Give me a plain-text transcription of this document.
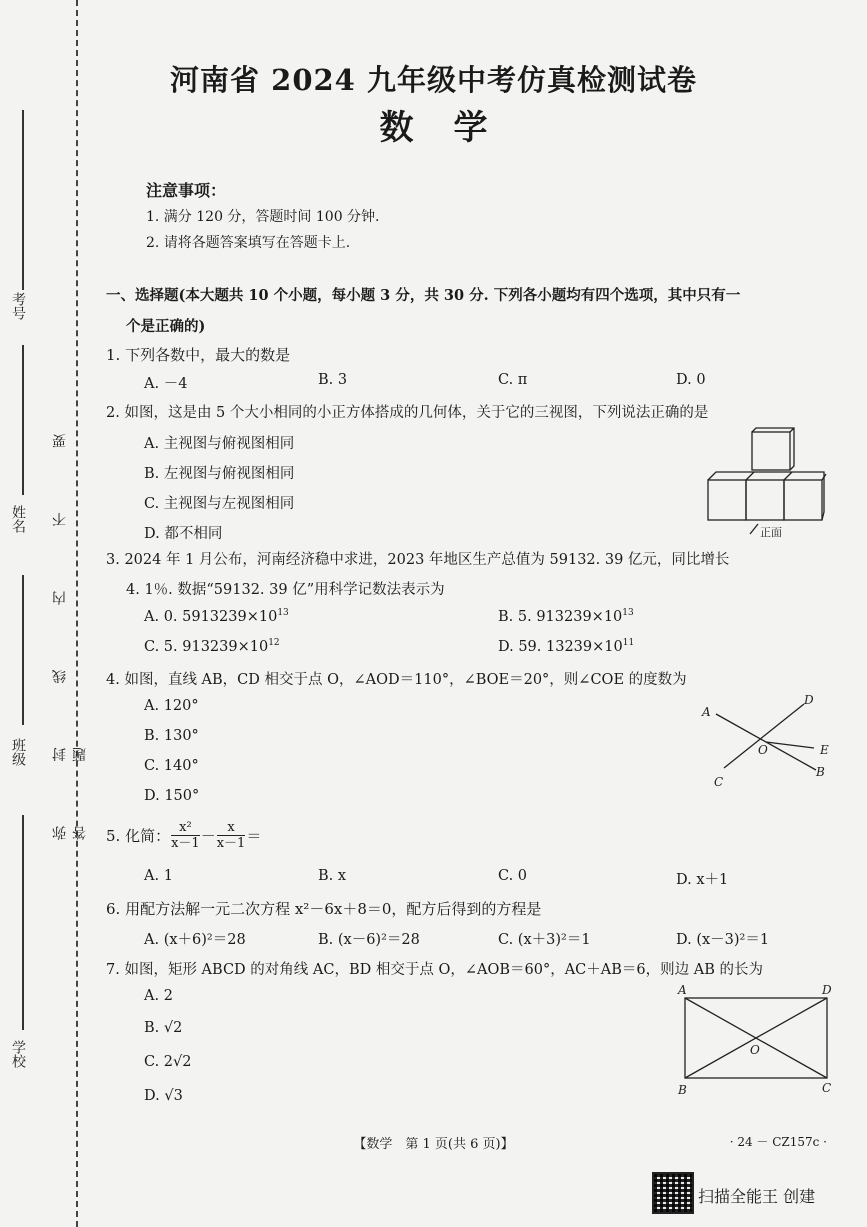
考号
姓名
班级
学校
弥 封 线 内 不 要 答 题
河南省 2024 九年级中考仿真检测试卷
数学
注意事项：
1. 满分 120 分，答题时间 100 分钟.
2. 请将各题答案填写在答题卡上.
一、选择题(本大题共 10 个小题，每小题 3 分，共 30 分. 下列各小题均有四个选项，其中只有一
个是正确的)
1. 下列各数中，最大的数是
A. －4	B. 3	C. π	D. 0
2. 如图，这是由 5 个大小相同的小正方体搭成的几何体，关于它的三视图，下列说法正确的是
A. 主视图与俯视图相同
B. 左视图与俯视图相同
C. 主视图与左视图相同
D. 都不相同	正面
3. 2024 年 1 月公布，河南经济稳中求进，2023 年地区生产总值为 59132. 39 亿元，同比增长
4. 1％. 数据“59132. 39 亿”用科学记数法表示为
A. 0. $5913239\times 10^{13}$	B. 5. $913239\times 10^{13}$
C. 5. $913239\times 10^{12}$	D. 59. $13239\times 10^{11}$
4. 如图，直线 AB，CD 相交于点 O，∠AOD＝110°，∠BOE＝20°，则∠COE 的度数为
A. 120°
B. 130°
C. 140°
D. 150°
A
D
O	E
C
B
5. 化简： $\frac{\text{x²}}{x-1} - \frac{x}{x-1}$ ＝
A. 1	B. x	C. 0	D. x＋1
6. 用配方法解一元二次方程 x²－6x＋8＝0，配方后得到的方程是
A. (x＋6)²＝28	B. (x－6)²＝28	C. (x＋3)²＝1	D. (x－3)²＝1
7. 如图，矩形 ABCD 的对角线 AC，BD 相交于点 O，∠AOB＝60°，AC＋AB＝6，则边 AB 的长为
A. 2
B. √2
C. 2√2
D. √3
A	D
O
B	C
【数学　第 1 页(共 6 页)】	· 24 － CZ157c ·
扫描全能王 创建
